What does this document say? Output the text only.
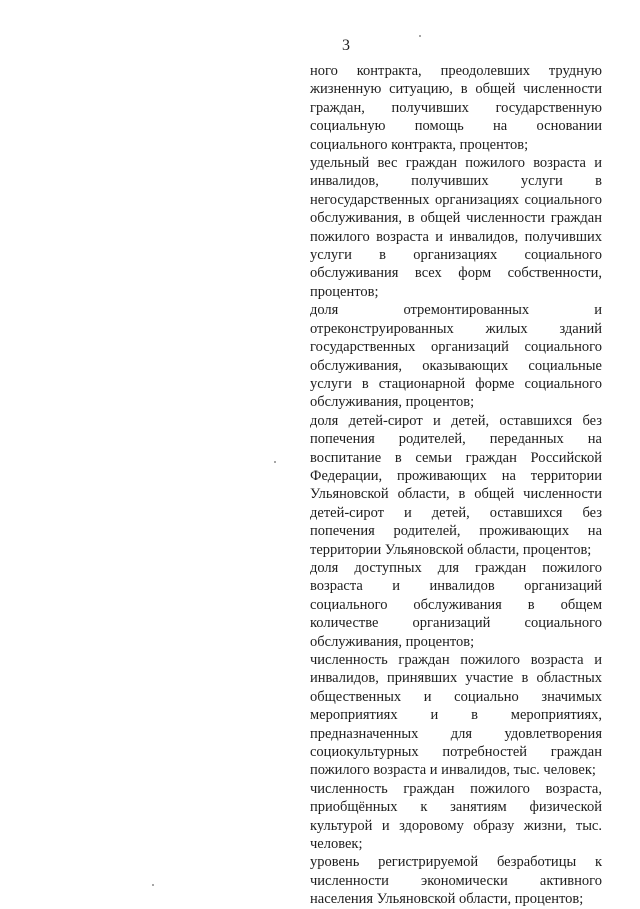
3

ного контракта, преодолевших трудную жизненную ситуацию, в общей численности граждан, получивших государственную социальную помощь на основании социального контракта, процентов;

удельный вес граждан пожилого возраста и инвалидов, получивших услуги в негосударственных организациях социального обслуживания, в общей численности граждан пожилого возраста и инвалидов, получивших услуги в организациях социального обслуживания всех форм собственности, процентов;

доля отремонтированных и отреконструированных жилых зданий государственных организаций социального обслуживания, оказывающих социальные услуги в стационарной форме социального обслуживания, процентов;

доля детей-сирот и детей, оставшихся без попечения родителей, переданных на воспитание в семьи граждан Российской Федерации, проживающих на территории Ульяновской области, в общей численности детей-сирот и детей, оставшихся без попечения родителей, проживающих на территории Ульяновской области, процентов;

доля доступных для граждан пожилого возраста и инвалидов организаций социального обслуживания в общем количестве организаций социального обслуживания, процентов;

численность граждан пожилого возраста и инвалидов, принявших участие в областных общественных и социально значимых мероприятиях и в мероприятиях, предназначенных для удовлетворения социокультурных потребностей граждан пожилого возраста и инвалидов, тыс. человек;

численность граждан пожилого возраста, приобщённых к занятиям физической культурой и здоровому образу жизни, тыс. человек;

уровень регистрируемой безработицы к численности экономически активного населения Ульяновской области, процентов;
